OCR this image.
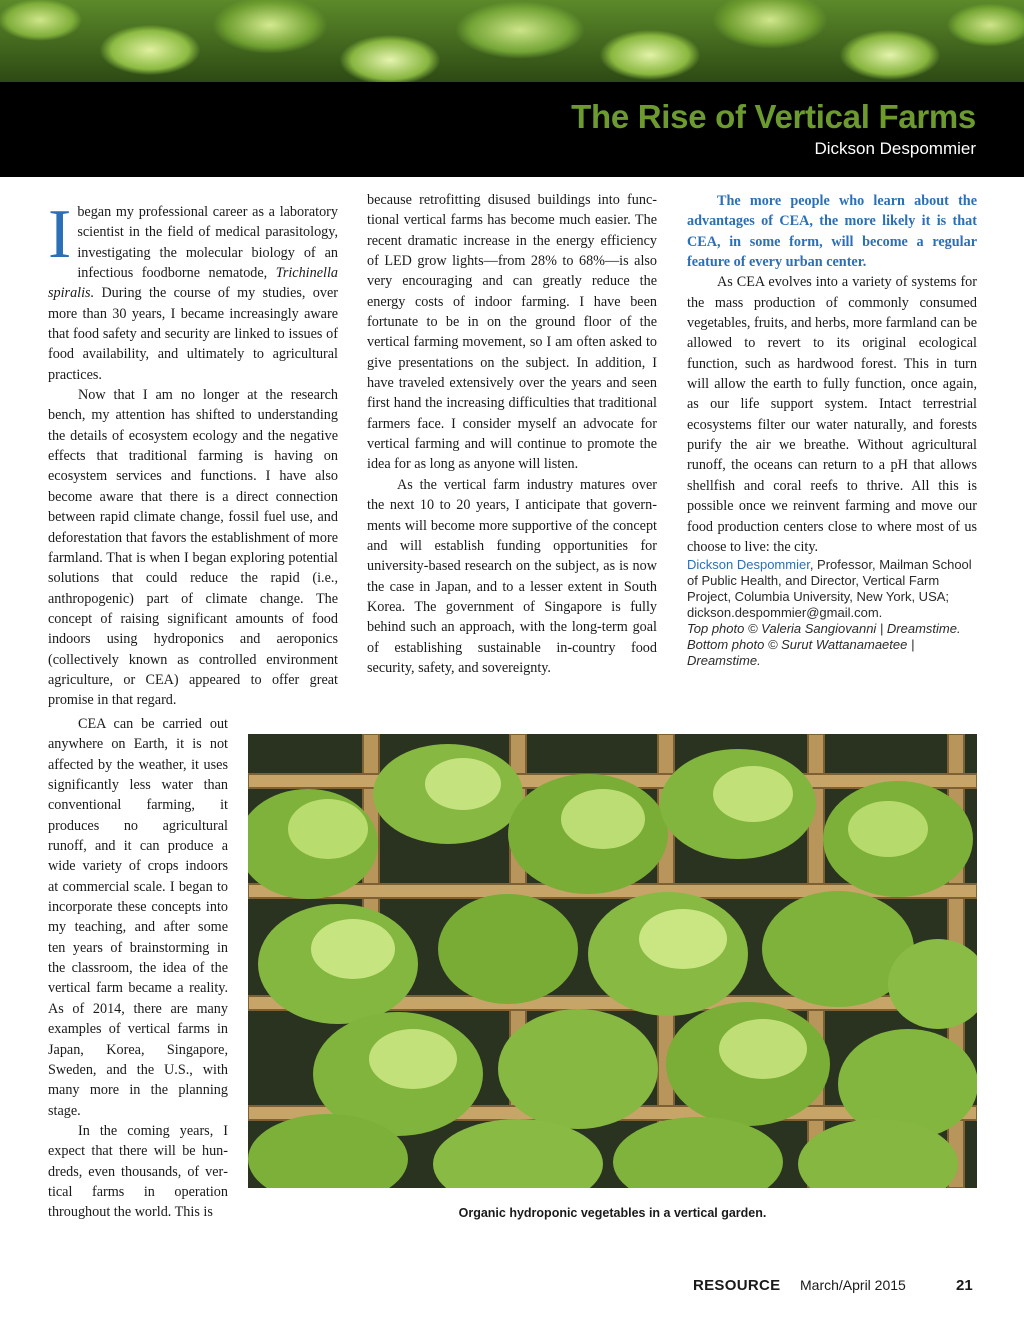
The Rise of Vertical Farms
Dickson Despommier

Ibegan my professional career as a laboratory scientist in the field of medical parasitology, investigating the molecular biology of an infectious foodborne nematode, Trichinella spiralis. During the course of my studies, over more than 30 years, I became increasingly aware that food safety and security are linked to issues of food availability, and ultimately to agricultural practices.

Now that I am no longer at the research bench, my attention has shifted to understanding the details of ecosystem ecology and the negative effects that traditional farming is having on ecosystem services and functions. I have also become aware that there is a direct connection between rapid climate change, fossil fuel use, and deforestation that favors the establishment of more farmland. That is when I began exploring potential solutions that could reduce the rapid (i.e., anthropogenic) part of climate change. The concept of raising significant amounts of food indoors using hydroponics and aeroponics (collectively known as controlled environment agriculture, or CEA) appeared to offer great promise in that regard.

CEA can be carried out anywhere on Earth, it is not affected by the weather, it uses significantly less water than conventional farming, it produces no agricultural runoff, and it can produce a wide variety of crops indoors at commercial scale. I began to incorporate these concepts into my teaching, and after some ten years of brainstorming in the classroom, the idea of the vertical farm became a reality. As of 2014, there are many examples of vertical farms in Japan, Korea, Singapore, Sweden, and the U.S., with many more in the planning stage.

In the coming years, I expect that there will be hundreds, even thousands, of vertical farms in operation throughout the world. This is

because retrofitting disused buildings into functional vertical farms has become much easier. The recent dramatic increase in the energy efficiency of LED grow lights—from 28% to 68%—is also very encouraging and can greatly reduce the energy costs of indoor farming. I have been fortunate to be in on the ground floor of the vertical farming movement, so I am often asked to give presentations on the subject. In addition, I have traveled extensively over the years and seen first hand the increasing difficulties that traditional farmers face. I consider myself an advocate for vertical farming and will continue to promote the idea for as long as anyone will listen.

As the vertical farm industry matures over the next 10 to 20 years, I anticipate that governments will become more supportive of the concept and will establish funding opportunities for university-based research on the subject, as is now the case in Japan, and to a lesser extent in South Korea. The government of Singapore is fully behind such an approach, with the long-term goal of establishing sustainable in-country food security, safety, and sovereignty.

The more people who learn about the advantages of CEA, the more likely it is that CEA, in some form, will become a regular feature of every urban center.

As CEA evolves into a variety of systems for the mass production of commonly consumed vegetables, fruits, and herbs, more farmland can be allowed to revert to its original ecological function, such as hardwood forest. This in turn will allow the earth to fully function, once again, as our life support system. Intact terrestrial ecosystems filter our water naturally, and forests purify the air we breathe. Without agricultural runoff, the oceans can return to a pH that allows shellfish and coral reefs to thrive. All this is possible once we reinvent farming and move our food production centers close to where most of us choose to live: the city.

Dickson Despommier, Professor, Mailman School of Public Health, and Director, Vertical Farm Project, Columbia University, New York, USA; dickson.despommier@gmail.com.

Top photo © Valeria Sangiovanni | Dreamstime. Bottom photo © Surut Wattanamaetee | Dreamstime.

Organic hydroponic vegetables in a vertical garden.
RESOURCE March/April 2015	21
